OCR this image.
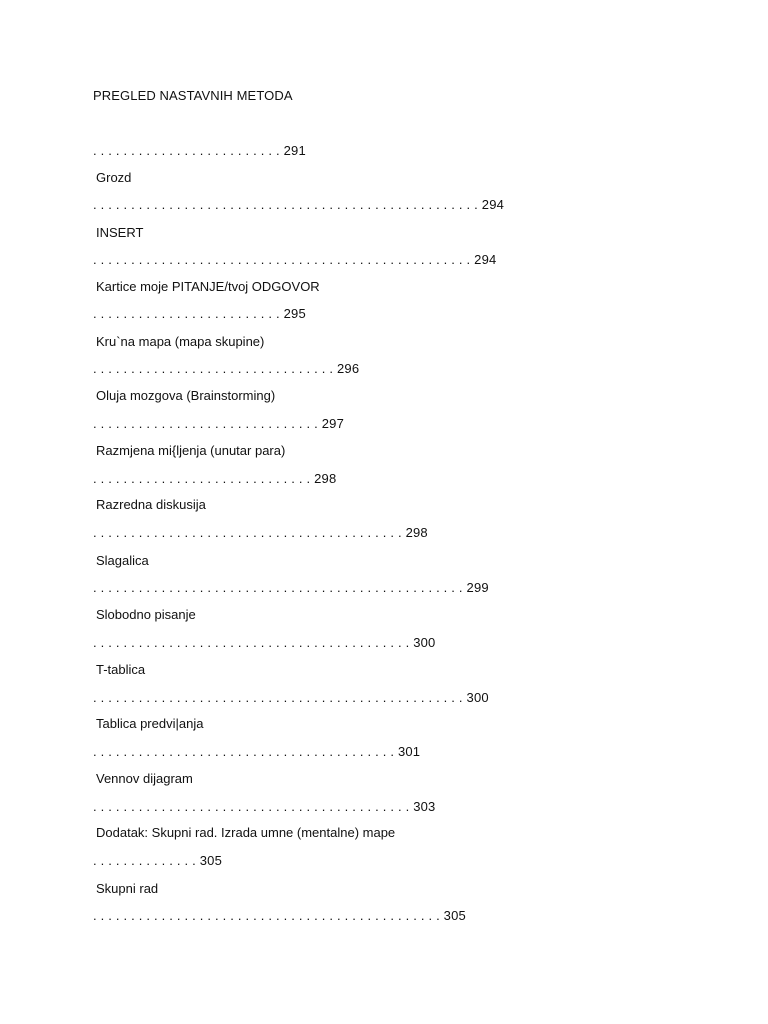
PREGLED NASTAVNIH METODA
. . . . . . . . . . . . . . . . . . . . . . . . . 291
Grozd
. . . . . . . . . . . . . . . . . . . . . . . . . . . . . . . . . . . . . . . . . . . . . . . . . . . 294
INSERT
. . . . . . . . . . . . . . . . . . . . . . . . . . . . . . . . . . . . . . . . . . . . . . . . . . 294
Kartice moje PITANJE/tvoj ODGOVOR
. . . . . . . . . . . . . . . . . . . . . . . . . 295
Kru`na mapa (mapa skupine)
. . . . . . . . . . . . . . . . . . . . . . . . . . . . . . . . 296
Oluja mozgova (Brainstorming)
. . . . . . . . . . . . . . . . . . . . . . . . . . . . . . 297
Razmjena mi{ljenja (unutar para)
. . . . . . . . . . . . . . . . . . . . . . . . . . . . . 298
Razredna diskusija
. . . . . . . . . . . . . . . . . . . . . . . . . . . . . . . . . . . . . . . . . 298
Slagalica
. . . . . . . . . . . . . . . . . . . . . . . . . . . . . . . . . . . . . . . . . . . . . . . . . 299
Slobodno pisanje
. . . . . . . . . . . . . . . . . . . . . . . . . . . . . . . . . . . . . . . . . . 300
T-tablica
. . . . . . . . . . . . . . . . . . . . . . . . . . . . . . . . . . . . . . . . . . . . . . . . . 300
Tablica predvi|anja
. . . . . . . . . . . . . . . . . . . . . . . . . . . . . . . . . . . . . . . . 301
Vennov dijagram
. . . . . . . . . . . . . . . . . . . . . . . . . . . . . . . . . . . . . . . . . . 303
Dodatak: Skupni rad. Izrada umne (mentalne) mape
. . . . . . . . . . . . . . 305
Skupni rad
. . . . . . . . . . . . . . . . . . . . . . . . . . . . . . . . . . . . . . . . . . . . . . 305
